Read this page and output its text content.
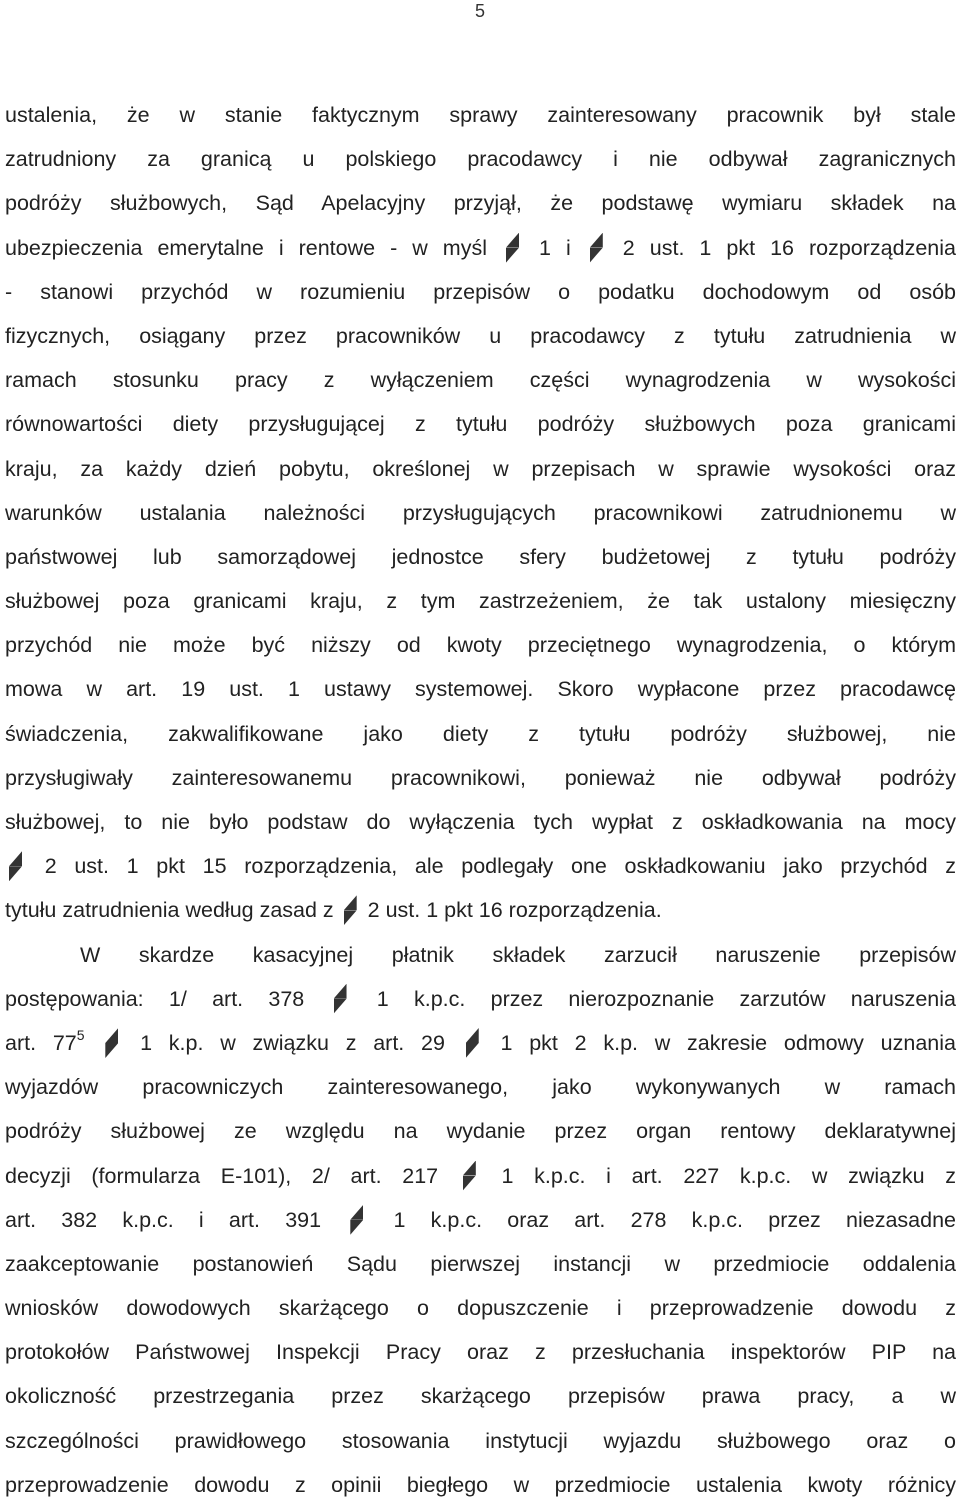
5
ustalenia, że w stanie faktycznym sprawy zainteresowany pracownik był stale
zatrudniony za granicą u polskiego pracodawcy i nie odbywał zagranicznych
podróży służbowych, Sąd Apelacyjny przyjął, że podstawę wymiaru składek na
ubezpieczenia emerytalne i rentowe - w myśl 1 i 2 ust. 1 pkt 16 rozporządzenia
- stanowi przychód w rozumieniu przepisów o podatku dochodowym od osób
fizycznych, osiągany przez pracowników u pracodawcy z tytułu zatrudnienia w
ramach stosunku pracy z wyłączeniem części wynagrodzenia w wysokości
równowartości diety przysługującej z tytułu podróży służbowych poza granicami
kraju, za każdy dzień pobytu, określonej w przepisach w sprawie wysokości oraz
warunków ustalania należności przysługujących pracownikowi zatrudnionemu w
państwowej lub samorządowej jednostce sfery budżetowej z tytułu podróży
służbowej poza granicami kraju, z tym zastrzeżeniem, że tak ustalony miesięczny
przychód nie może być niższy od kwoty przeciętnego wynagrodzenia, o którym
mowa w art. 19 ust. 1 ustawy systemowej. Skoro wypłacone przez pracodawcę
świadczenia, zakwalifikowane jako diety z tytułu podróży służbowej, nie
przysługiwały zainteresowanemu pracownikowi, ponieważ nie odbywał podróży
służbowej, to nie było podstaw do wyłączenia tych wypłat z oskładkowania na mocy
2 ust. 1 pkt 15 rozporządzenia, ale podlegały one oskładkowaniu jako przychód z
tytułu zatrudnienia według zasad z 2 ust. 1 pkt 16 rozporządzenia.
W skardze kasacyjnej płatnik składek zarzucił naruszenie przepisów
postępowania: 1/ art. 378	1 k.p.c. przez nierozpoznanie zarzutów naruszenia
art. $77^5$	1 k.p. w związku z art. 29	1 pkt 2 k.p. w zakresie odmowy uznania
wyjazdów pracowniczych zainteresowanego, jako wykonywanych w ramach
podróży służbowej ze względu na wydanie przez organ rentowy deklaratywnej
decyzji (formularza E-101), 2/ art. 217	1 k.p.c. i art. 227 k.p.c. w związku z
art. 382 k.p.c. i art. 391	1 k.p.c. oraz art. 278 k.p.c. przez niezasadne
zaakceptowanie postanowień Sądu pierwszej instancji w przedmiocie oddalenia
wniosków dowodowych skarżącego o dopuszczenie i przeprowadzenie dowodu z
protokołów Państwowej Inspekcji Pracy oraz z przesłuchania inspektorów PIP na
okoliczność przestrzegania przez skarżącego przepisów prawa pracy, a w
szczególności prawidłowego stosowania instytucji wyjazdu służbowego oraz o
przeprowadzenie dowodu z opinii biegłego w przedmiocie ustalenia kwoty różnicy
